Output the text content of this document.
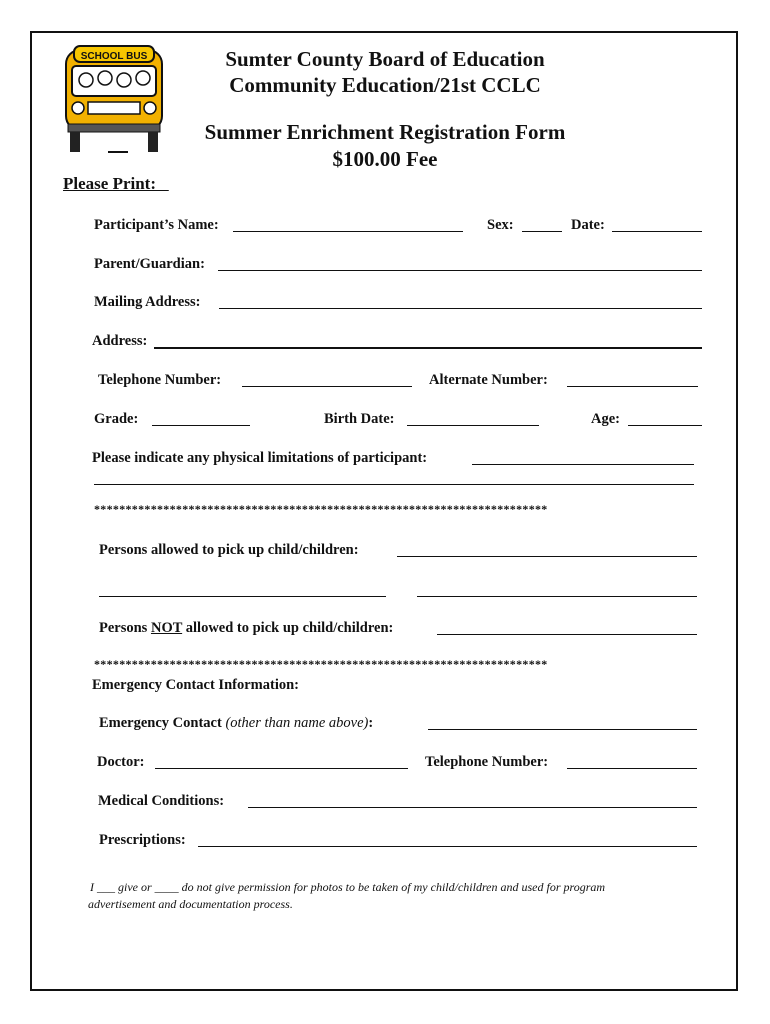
SCHOOL BUS	Sumter County Board of Education
Community Education/21st CCLC
Summer Enrichment Registration Form
$100.00 Fee
Please Print:
Participant’s Name:	Sex:	Date:
Parent/Guardian:
Mailing Address:
Address:
Telephone Number:	Alternate Number:
Grade:	Birth Date:	Age:
Please indicate any physical limitations of participant:
************************************************************************
Persons allowed to pick up child/children:
Persons NOT allowed to pick up child/children:
************************************************************************
Emergency Contact Information:
Emergency Contact (other than name above):
Doctor:	Telephone Number:
Medical Conditions:
Prescriptions:
I ___ give or ____ do not give permission for photos to be taken of my child/children and used for program
advertisement and documentation process.
